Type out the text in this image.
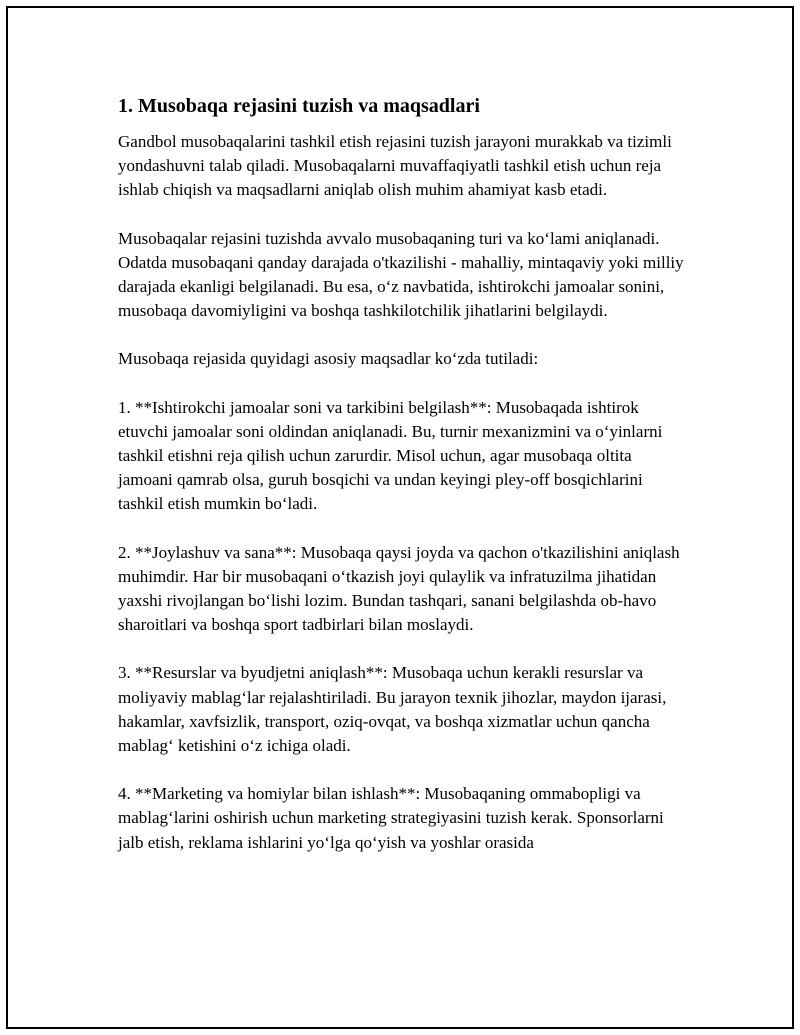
1. Musobaqa rejasini tuzish va maqsadlari

Gandbol musobaqalarini tashkil etish rejasini tuzish jarayoni murakkab va tizimli yondashuvni talab qiladi. Musobaqalarni muvaffaqiyatli tashkil etish uchun reja ishlab chiqish va maqsadlarni aniqlab olish muhim ahamiyat kasb etadi.

Musobaqalar rejasini tuzishda avvalo musobaqaning turi va koʻlami aniqlanadi. Odatda musobaqani qanday darajada o'tkazilishi - mahalliy, mintaqaviy yoki milliy darajada ekanligi belgilanadi. Bu esa, oʻz navbatida, ishtirokchi jamoalar sonini, musobaqa davomiyligini va boshqa tashkilotchilik jihatlarini belgilaydi.

Musobaqa rejasida quyidagi asosiy maqsadlar koʻzda tutiladi:

1. **Ishtirokchi jamoalar soni va tarkibini belgilash**: Musobaqada ishtirok etuvchi jamoalar soni oldindan aniqlanadi. Bu, turnir mexanizmini va oʻyinlarni tashkil etishni reja qilish uchun zarurdir. Misol uchun, agar musobaqa oltita jamoani qamrab olsa, guruh bosqichi va undan keyingi pley-off bosqichlarini tashkil etish mumkin boʻladi.

2. **Joylashuv va sana**: Musobaqa qaysi joyda va qachon o'tkazilishini aniqlash muhimdir. Har bir musobaqani oʻtkazish joyi qulaylik va infratuzilma jihatidan yaxshi rivojlangan boʻlishi lozim. Bundan tashqari, sanani belgilashda ob-havo sharoitlari va boshqa sport tadbirlari bilan moslaydi.

3. **Resurslar va byudjetni aniqlash**: Musobaqa uchun kerakli resurslar va moliyaviy mablagʻlar rejalashtiriladi. Bu jarayon texnik jihozlar, maydon ijarasi, hakamlar, xavfsizlik, transport, oziq-ovqat, va boshqa xizmatlar uchun qancha mablagʻ ketishini oʻz ichiga oladi.

4. **Marketing va homiylar bilan ishlash**: Musobaqaning ommabopligi va mablagʻlarini oshirish uchun marketing strategiyasini tuzish kerak. Sponsorlarni jalb etish, reklama ishlarini yoʻlga qoʻyish va yoshlar orasida
